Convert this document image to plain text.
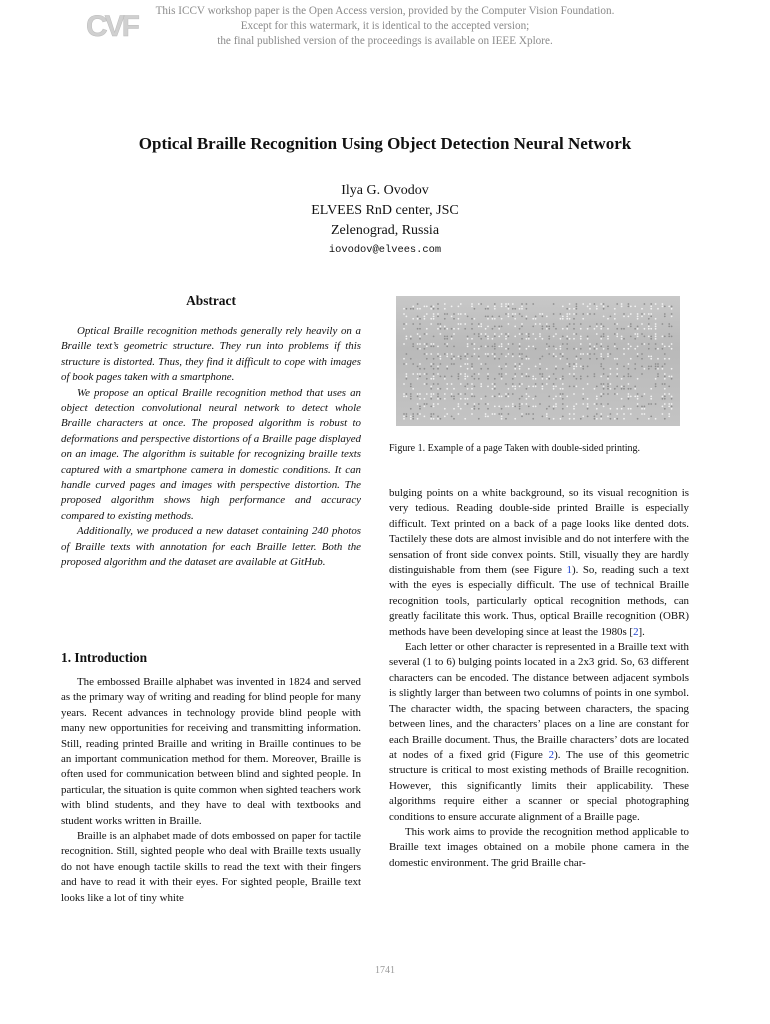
CVF	This ICCV workshop paper is the Open Access version, provided by the Computer Vision Foundation.
Except for this watermark, it is identical to the accepted version;
the final published version of the proceedings is available on IEEE Xplore.
Optical Braille Recognition Using Object Detection Neural Network
Ilya G. Ovodov
ELVEES RnD center, JSC
Zelenograd, Russia
iovodov@elvees.com
Abstract

Optical Braille recognition methods generally rely heavily on a Braille text’s geometric structure. They run into problems if this structure is distorted. Thus, they find it difficult to cope with images of book pages taken with a smartphone.

We propose an optical Braille recognition method that uses an object detection convolutional neural network to detect whole Braille characters at once. The proposed algorithm is robust to deformations and perspective distortions of a Braille page displayed on an image. The algorithm is suitable for recognizing braille texts captured with a smartphone camera in domestic conditions. It can handle curved pages and images with perspective distortion. The proposed algorithm shows high performance and accuracy compared to existing methods.

Additionally, we produced a new dataset containing 240 photos of Braille texts with annotation for each Braille letter. Both the proposed algorithm and the dataset are available at GitHub.

1. Introduction

The embossed Braille alphabet was invented in 1824 and served as the primary way of writing and reading for blind people for many years. Recent advances in technology provide blind people with many new opportunities for receiving and transmitting information. Still, reading printed Braille and writing in Braille continues to be an important communication method for them. Moreover, Braille is often used for communication between blind and sighted people. In particular, the situation is quite common when sighted teachers work with blind students, and they have to deal with textbooks and student works written in Braille.

Braille is an alphabet made of dots embossed on paper for tactile recognition. Still, sighted people who deal with Braille texts usually do not have enough tactile skills to read the text with their fingers and have to read it with their eyes. For sighted people, Braille text looks like a lot of tiny white

Figure 1. Example of a page Taken with double-sided printing.

bulging points on a white background, so its visual recognition is very tedious. Reading double-side printed Braille is especially difficult. Text printed on a back of a page looks like dented dots. Tactilely these dots are almost invisible and do not interfere with the sensation of front side convex points. Still, visually they are hardly distinguishable from them (see Figure 1). So, reading such a text with the eyes is especially difficult. The use of technical Braille recognition tools, particularly optical recognition methods, can greatly facilitate this work. Thus, optical Braille recognition (OBR) methods have been developing since at least the 1980s [2].

Each letter or other character is represented in a Braille text with several (1 to 6) bulging points located in a 2x3 grid. So, 63 different characters can be encoded. The distance between adjacent symbols is slightly larger than between two columns of points in one symbol. The character width, the spacing between characters, the spacing between lines, and the characters’ places on a line are constant for each Braille document. Thus, the Braille characters’ dots are located at nodes of a fixed grid (Figure 2). The use of this geometric structure is critical to most existing methods of Braille recognition. However, this significantly limits their applicability. These algorithms require either a scanner or special photographing conditions to ensure accurate alignment of a Braille page.

This work aims to provide the recognition method applicable to Braille text images obtained on a mobile phone camera in the domestic environment. The grid Braille char-

1741
